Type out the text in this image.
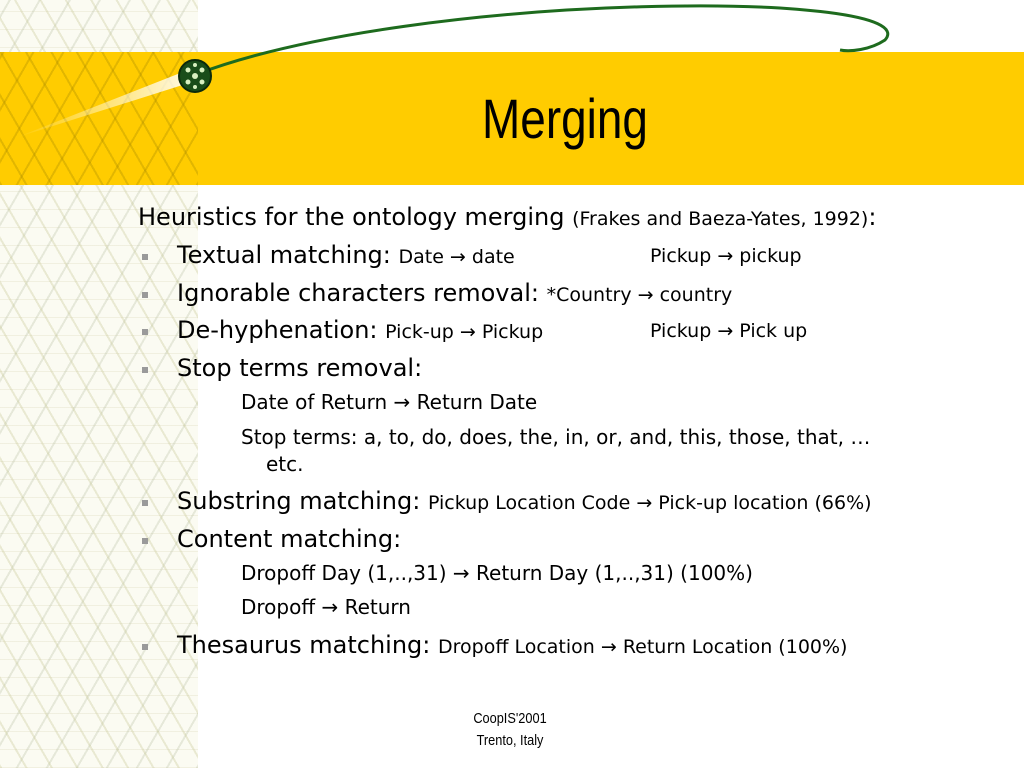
Merging
Heuristics for the ontology merging (Frakes and Baeza-Yates, 1992):
Textual matching: Date → date	Pickup → pickup
Ignorable characters removal: *Country → country
De-hyphenation: Pick-up → Pickup	Pickup → Pick up
Stop terms removal:
Date of Return → Return Date
Stop terms: a, to, do, does, the, in, or, and, this, those, that, …
etc.
Substring matching: Pickup Location Code → Pick-up location (66%)
Content matching:
Dropoff Day (1,..,31) → Return Day (1,..,31) (100%)
Dropoff → Return
Thesaurus matching: Dropoff Location → Return Location (100%)
CoopIS'2001
Trento, Italy
